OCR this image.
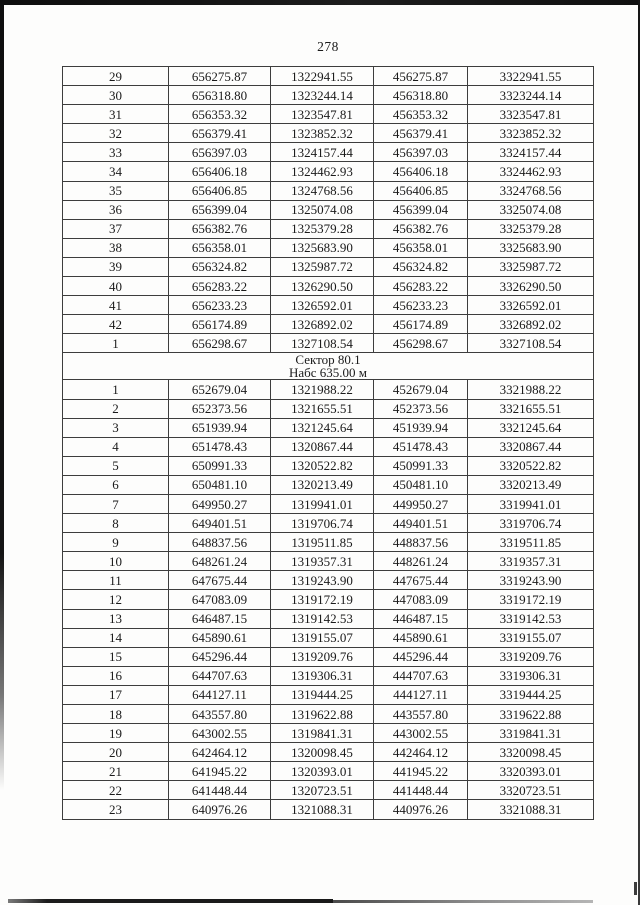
278
29	656275.87	1322941.55	456275.87	3322941.55
30	656318.80	1323244.14	456318.80	3323244.14
31	656353.32	1323547.81	456353.32	3323547.81
32	656379.41	1323852.32	456379.41	3323852.32
33	656397.03	1324157.44	456397.03	3324157.44
34	656406.18	1324462.93	456406.18	3324462.93
35	656406.85	1324768.56	456406.85	3324768.56
36	656399.04	1325074.08	456399.04	3325074.08
37	656382.76	1325379.28	456382.76	3325379.28
38	656358.01	1325683.90	456358.01	3325683.90
39	656324.82	1325987.72	456324.82	3325987.72
40	656283.22	1326290.50	456283.22	3326290.50
41	656233.23	1326592.01	456233.23	3326592.01
42	656174.89	1326892.02	456174.89	3326892.02
1	656298.67	1327108.54	456298.67	3327108.54

Сектор 80.1
Набс 635.00 м				

1	652679.04	1321988.22	452679.04	3321988.22
2	652373.56	1321655.51	452373.56	3321655.51
3	651939.94	1321245.64	451939.94	3321245.64
4	651478.43	1320867.44	451478.43	3320867.44
5	650991.33	1320522.82	450991.33	3320522.82
6	650481.10	1320213.49	450481.10	3320213.49
7	649950.27	1319941.01	449950.27	3319941.01
8	649401.51	1319706.74	449401.51	3319706.74
9	648837.56	1319511.85	448837.56	3319511.85
10	648261.24	1319357.31	448261.24	3319357.31
11	647675.44	1319243.90	447675.44	3319243.90
12	647083.09	1319172.19	447083.09	3319172.19
13	646487.15	1319142.53	446487.15	3319142.53
14	645890.61	1319155.07	445890.61	3319155.07
15	645296.44	1319209.76	445296.44	3319209.76
16	644707.63	1319306.31	444707.63	3319306.31
17	644127.11	1319444.25	444127.11	3319444.25
18	643557.80	1319622.88	443557.80	3319622.88
19	643002.55	1319841.31	443002.55	3319841.31
20	642464.12	1320098.45	442464.12	3320098.45
21	641945.22	1320393.01	441945.22	3320393.01
22	641448.44	1320723.51	441448.44	3320723.51
23	640976.26	1321088.31	440976.26	3321088.31
